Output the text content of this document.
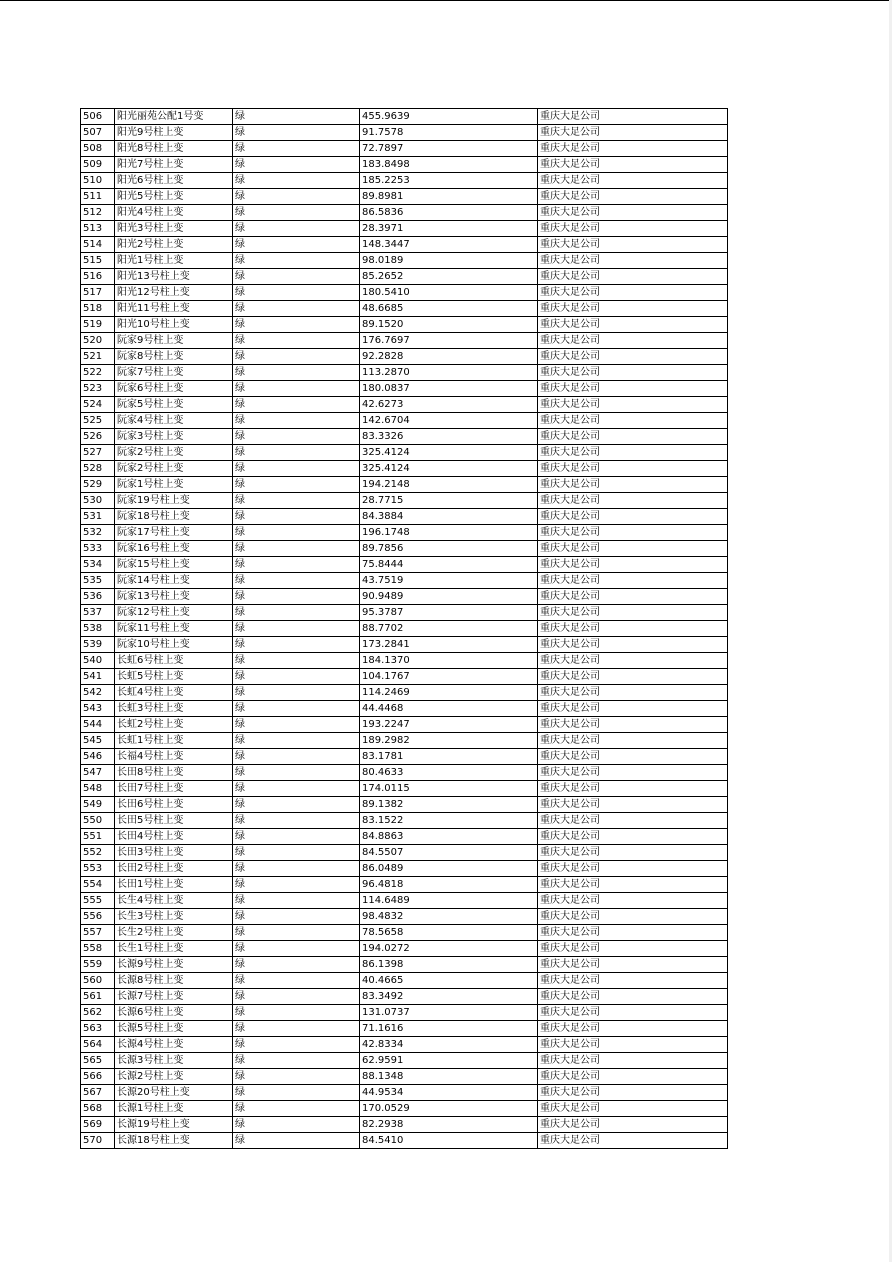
506	阳光丽苑公配1号变	绿	455.9639	重庆大足公司
507	阳光9号柱上变	绿	91.7578	重庆大足公司
508	阳光8号柱上变	绿	72.7897	重庆大足公司
509	阳光7号柱上变	绿	183.8498	重庆大足公司
510	阳光6号柱上变	绿	185.2253	重庆大足公司
511	阳光5号柱上变	绿	89.8981	重庆大足公司
512	阳光4号柱上变	绿	86.5836	重庆大足公司
513	阳光3号柱上变	绿	28.3971	重庆大足公司
514	阳光2号柱上变	绿	148.3447	重庆大足公司
515	阳光1号柱上变	绿	98.0189	重庆大足公司
516	阳光13号柱上变	绿	85.2652	重庆大足公司
517	阳光12号柱上变	绿	180.5410	重庆大足公司
518	阳光11号柱上变	绿	48.6685	重庆大足公司
519	阳光10号柱上变	绿	89.1520	重庆大足公司
520	阮家9号柱上变	绿	176.7697	重庆大足公司
521	阮家8号柱上变	绿	92.2828	重庆大足公司
522	阮家7号柱上变	绿	113.2870	重庆大足公司
523	阮家6号柱上变	绿	180.0837	重庆大足公司
524	阮家5号柱上变	绿	42.6273	重庆大足公司
525	阮家4号柱上变	绿	142.6704	重庆大足公司
526	阮家3号柱上变	绿	83.3326	重庆大足公司
527	阮家2号柱上变	绿	325.4124	重庆大足公司
528	阮家2号柱上变	绿	325.4124	重庆大足公司
529	阮家1号柱上变	绿	194.2148	重庆大足公司
530	阮家19号柱上变	绿	28.7715	重庆大足公司
531	阮家18号柱上变	绿	84.3884	重庆大足公司
532	阮家17号柱上变	绿	196.1748	重庆大足公司
533	阮家16号柱上变	绿	89.7856	重庆大足公司
534	阮家15号柱上变	绿	75.8444	重庆大足公司
535	阮家14号柱上变	绿	43.7519	重庆大足公司
536	阮家13号柱上变	绿	90.9489	重庆大足公司
537	阮家12号柱上变	绿	95.3787	重庆大足公司
538	阮家11号柱上变	绿	88.7702	重庆大足公司
539	阮家10号柱上变	绿	173.2841	重庆大足公司
540	长虹6号柱上变	绿	184.1370	重庆大足公司
541	长虹5号柱上变	绿	104.1767	重庆大足公司
542	长虹4号柱上变	绿	114.2469	重庆大足公司
543	长虹3号柱上变	绿	44.4468	重庆大足公司
544	长虹2号柱上变	绿	193.2247	重庆大足公司
545	长虹1号柱上变	绿	189.2982	重庆大足公司
546	长福4号柱上变	绿	83.1781	重庆大足公司
547	长田8号柱上变	绿	80.4633	重庆大足公司
548	长田7号柱上变	绿	174.0115	重庆大足公司
549	长田6号柱上变	绿	89.1382	重庆大足公司
550	长田5号柱上变	绿	83.1522	重庆大足公司
551	长田4号柱上变	绿	84.8863	重庆大足公司
552	长田3号柱上变	绿	84.5507	重庆大足公司
553	长田2号柱上变	绿	86.0489	重庆大足公司
554	长田1号柱上变	绿	96.4818	重庆大足公司
555	长生4号柱上变	绿	114.6489	重庆大足公司
556	长生3号柱上变	绿	98.4832	重庆大足公司
557	长生2号柱上变	绿	78.5658	重庆大足公司
558	长生1号柱上变	绿	194.0272	重庆大足公司
559	长源9号柱上变	绿	86.1398	重庆大足公司
560	长源8号柱上变	绿	40.4665	重庆大足公司
561	长源7号柱上变	绿	83.3492	重庆大足公司
562	长源6号柱上变	绿	131.0737	重庆大足公司
563	长源5号柱上变	绿	71.1616	重庆大足公司
564	长源4号柱上变	绿	42.8334	重庆大足公司
565	长源3号柱上变	绿	62.9591	重庆大足公司
566	长源2号柱上变	绿	88.1348	重庆大足公司
567	长源20号柱上变	绿	44.9534	重庆大足公司
568	长源1号柱上变	绿	170.0529	重庆大足公司
569	长源19号柱上变	绿	82.2938	重庆大足公司
570	长源18号柱上变	绿	84.5410	重庆大足公司
